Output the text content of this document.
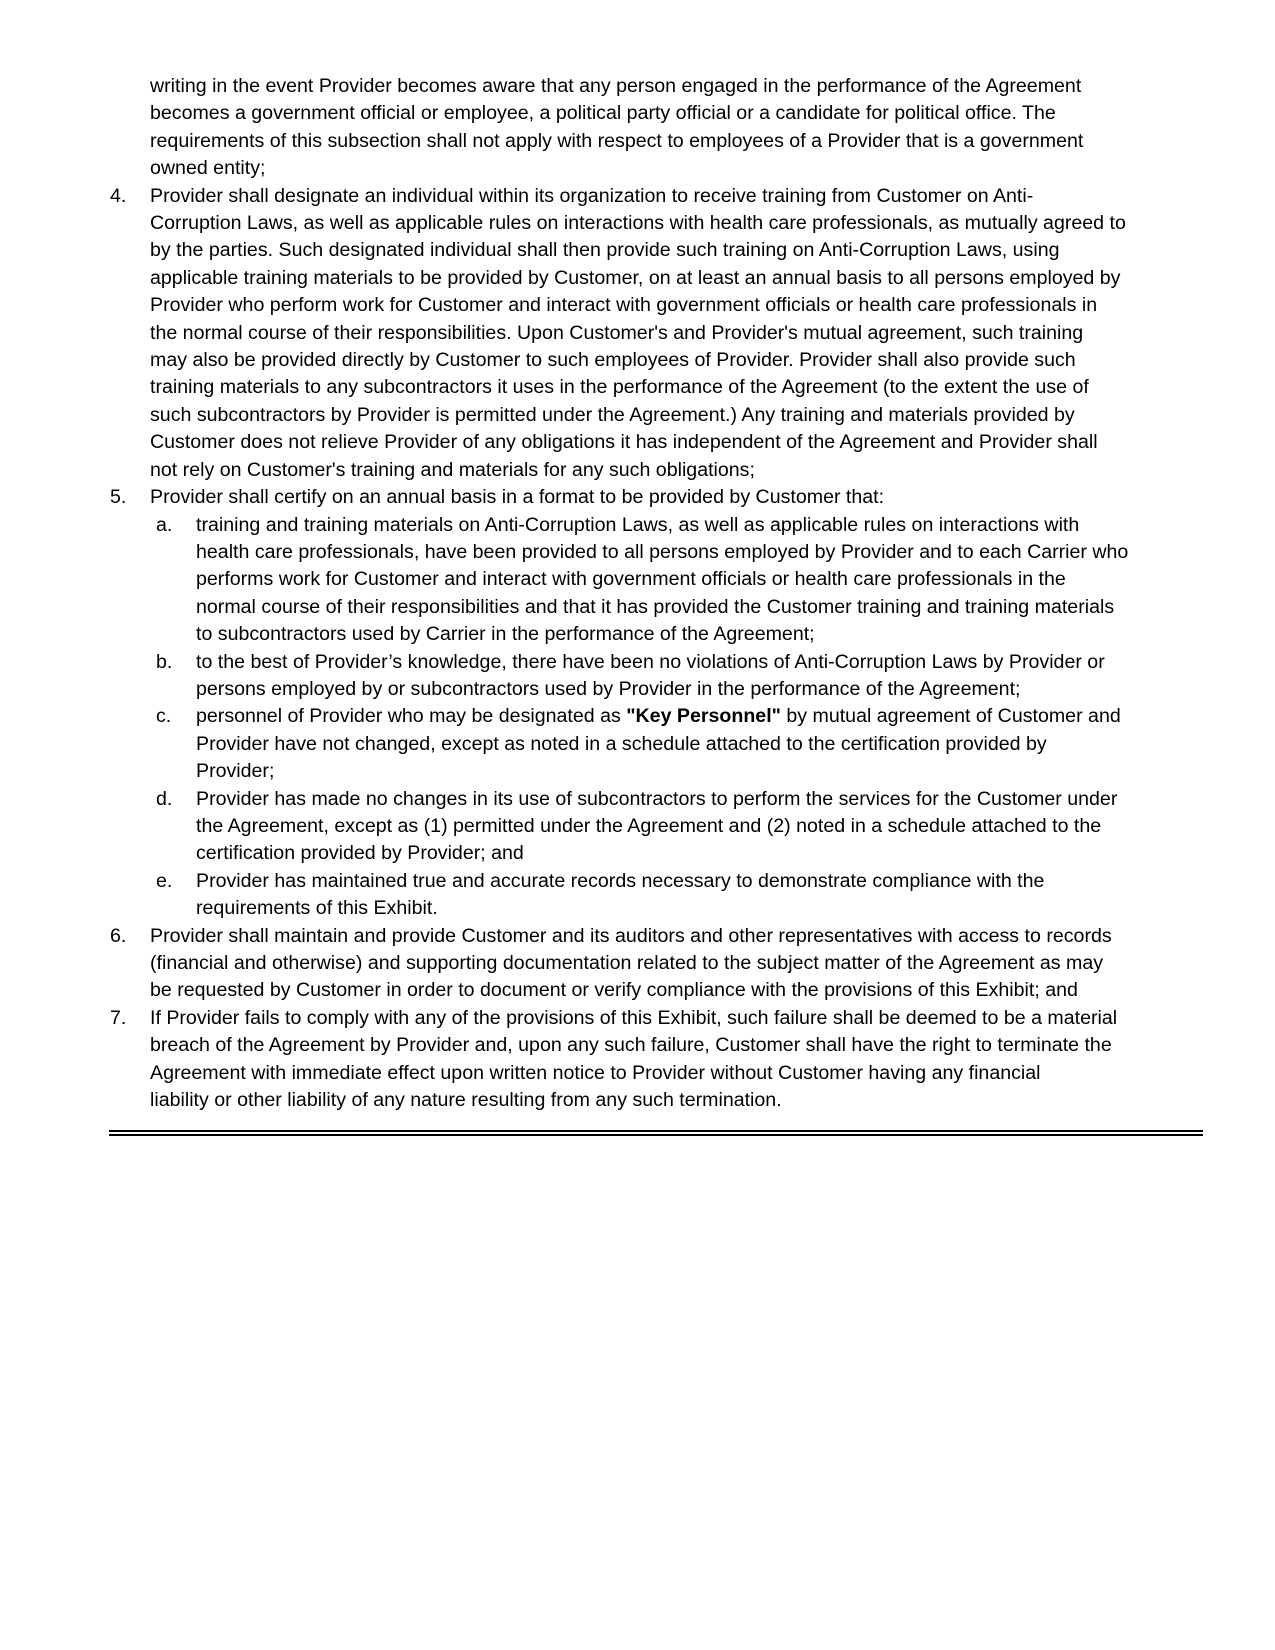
writing in the event Provider becomes aware that any person engaged in the performance of the Agreement
becomes a government official or employee, a political party official or a candidate for political office. The
requirements of this subsection shall not apply with respect to employees of a Provider that is a government
owned entity;
4.	Provider shall designate an individual within its organization to receive training from Customer on Anti-
Corruption Laws, as well as applicable rules on interactions with health care professionals, as mutually agreed to
by the parties. Such designated individual shall then provide such training on Anti-Corruption Laws, using
applicable training materials to be provided by Customer, on at least an annual basis to all persons employed by
Provider who perform work for Customer and interact with government officials or health care professionals in
the normal course of their responsibilities. Upon Customer's and Provider's mutual agreement, such training
may also be provided directly by Customer to such employees of Provider. Provider shall also provide such
training materials to any subcontractors it uses in the performance of the Agreement (to the extent the use of
such subcontractors by Provider is permitted under the Agreement.) Any training and materials provided by
Customer does not relieve Provider of any obligations it has independent of the Agreement and Provider shall
not rely on Customer's training and materials for any such obligations;
5.	Provider shall certify on an annual basis in a format to be provided by Customer that:
a.	training and training materials on Anti-Corruption Laws, as well as applicable rules on interactions with
health care professionals, have been provided to all persons employed by Provider and to each Carrier who
performs work for Customer and interact with government officials or health care professionals in the
normal course of their responsibilities and that it has provided the Customer training and training materials
to subcontractors used by Carrier in the performance of the Agreement;
b.	to the best of Provider’s knowledge, there have been no violations of Anti-Corruption Laws by Provider or
persons employed by or subcontractors used by Provider in the performance of the Agreement;
c.	personnel of Provider who may be designated as "Key Personnel" by mutual agreement of Customer and
Provider have not changed, except as noted in a schedule attached to the certification provided by
Provider;
d.	Provider has made no changes in its use of subcontractors to perform the services for the Customer under
the Agreement, except as (1) permitted under the Agreement and (2) noted in a schedule attached to the
certification provided by Provider; and
e.	Provider has maintained true and accurate records necessary to demonstrate compliance with the
requirements of this Exhibit.
6.	Provider shall maintain and provide Customer and its auditors and other representatives with access to records
(financial and otherwise) and supporting documentation related to the subject matter of the Agreement as may
be requested by Customer in order to document or verify compliance with the provisions of this Exhibit; and
7.	If Provider fails to comply with any of the provisions of this Exhibit, such failure shall be deemed to be a material
breach of the Agreement by Provider and, upon any such failure, Customer shall have the right to terminate the
Agreement with immediate effect upon written notice to Provider without Customer having any financial
liability or other liability of any nature resulting from any such termination.
